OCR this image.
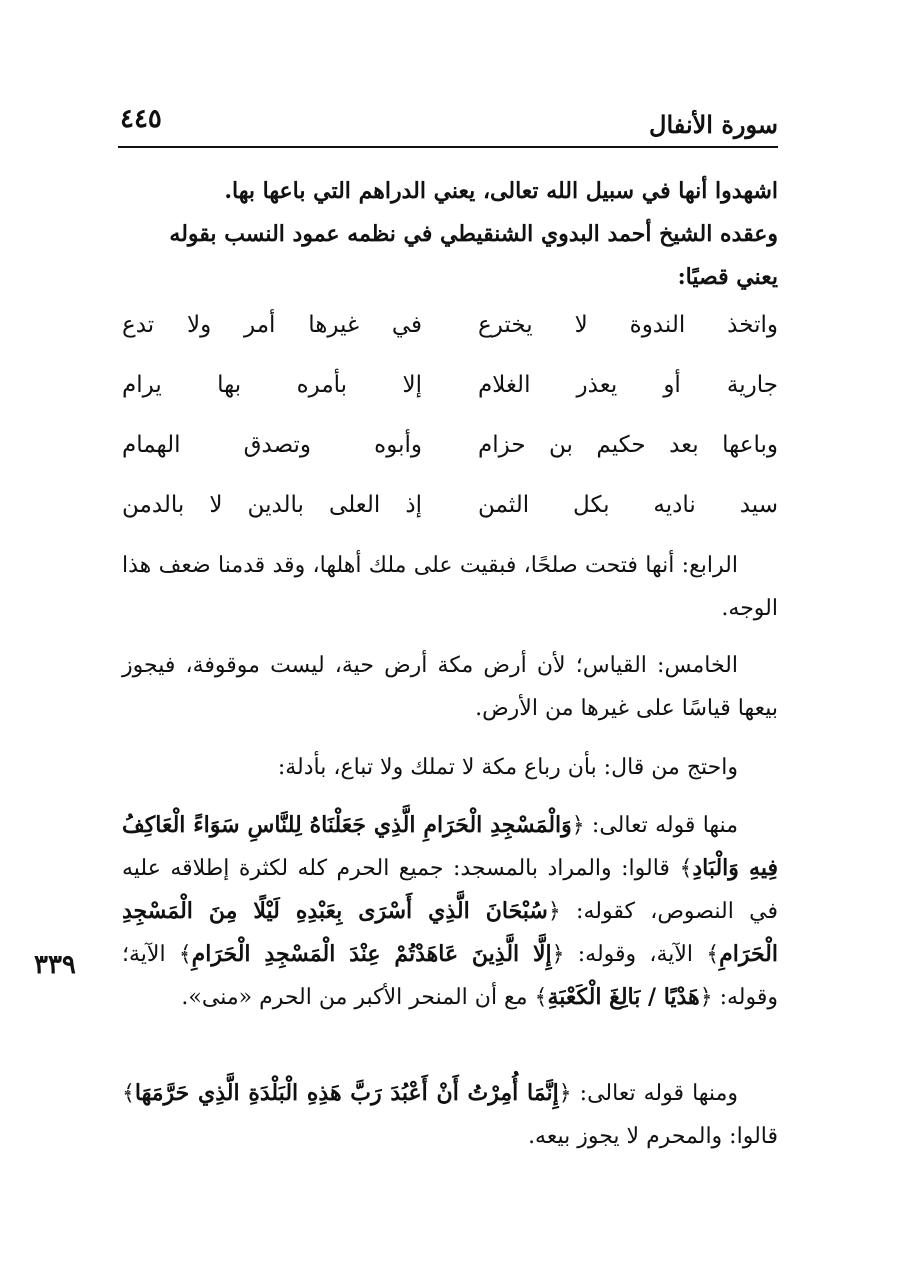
سورة الأنفال
٤٤٥
اشهدوا أنها في سبيل الله تعالى، يعني الدراهم التي باعها بها.
وعقده الشيخ أحمد البدوي الشنقيطي في نظمه عمود النسب بقوله
يعني قصيًا:
واتخذ الندوة لا يخترع
في غيرها أمر ولا تدع
جارية أو يعذر الغلام
إلا بأمره بها يرام
وباعها بعد حكيم بن حزام
وأبوه وتصدق الهمام
سيد ناديه بكل الثمن
إذ العلى بالدين لا بالدمن
الرابع: أنها فتحت صلحًا، فبقيت على ملك أهلها، وقد قدمنا ضعف هذا الوجه.
الخامس: القياس؛ لأن أرض مكة أرض حية، ليست موقوفة، فيجوز بيعها قياسًا على غيرها من الأرض.
واحتج من قال: بأن رباع مكة لا تملك ولا تباع، بأدلة:
منها قوله تعالى: ﴿وَالْمَسْجِدِ الْحَرَامِ الَّذِي جَعَلْنَاهُ لِلنَّاسِ سَوَاءً الْعَاكِفُ فِيهِ وَالْبَادِ﴾ قالوا: والمراد بالمسجد: جميع الحرم كله لكثرة إطلاقه عليه في النصوص، كقوله: ﴿سُبْحَانَ الَّذِي أَسْرَى بِعَبْدِهِ لَيْلًا مِنَ الْمَسْجِدِ الْحَرَامِ﴾ الآية، وقوله: ﴿إِلَّا الَّذِينَ عَاهَدْتُمْ عِنْدَ الْمَسْجِدِ الْحَرَامِ﴾ الآية؛ وقوله: ﴿هَدْيًا / بَالِغَ الْكَعْبَةِ﴾ مع أن المنحر الأكبر من الحرم «منى».
ومنها قوله تعالى: ﴿إِنَّمَا أُمِرْتُ أَنْ أَعْبُدَ رَبَّ هَذِهِ الْبَلْدَةِ الَّذِي حَرَّمَهَا﴾ قالوا: والمحرم لا يجوز بيعه.
٣٣٩
